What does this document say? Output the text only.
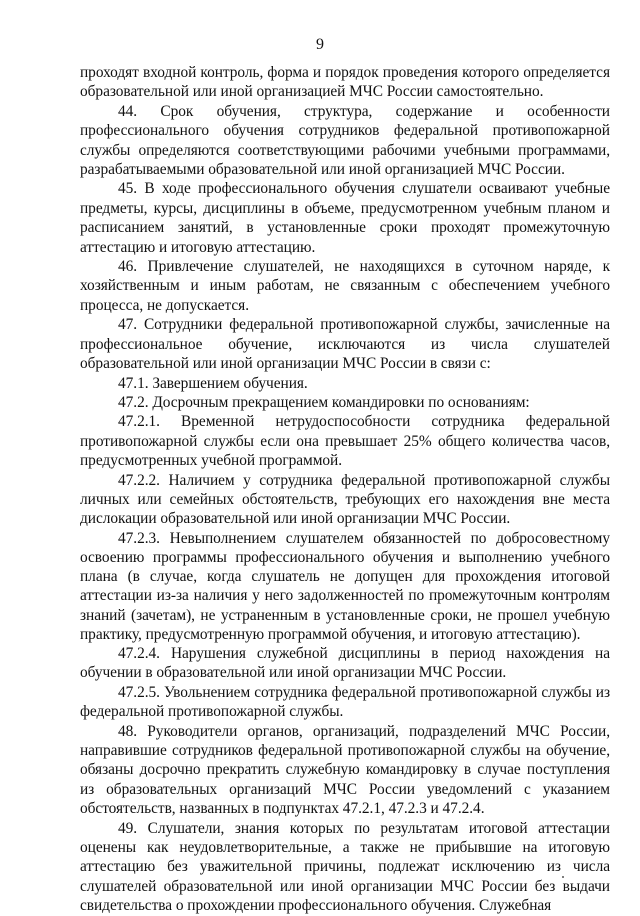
9

проходят входной контроль, форма и порядок проведения которого определяется образовательной или иной организацией МЧС России самостоятельно.

44. Срок обучения, структура, содержание и особенности профессионального обучения сотрудников федеральной противопожарной службы определяются соответствующими рабочими учебными программами, разрабатываемыми образовательной или иной организацией МЧС России.

45. В ходе профессионального обучения слушатели осваивают учебные предметы, курсы, дисциплины в объеме, предусмотренном учебным планом и расписанием занятий, в установленные сроки проходят промежуточную аттестацию и итоговую аттестацию.

46. Привлечение слушателей, не находящихся в суточном наряде, к хозяйственным и иным работам, не связанным с обеспечением учебного процесса, не допускается.

47. Сотрудники федеральной противопожарной службы, зачисленные на профессиональное обучение, исключаются из числа слушателей образовательной или иной организации МЧС России в связи с:

47.1. Завершением обучения.

47.2. Досрочным прекращением командировки по основаниям:

47.2.1. Временной нетрудоспособности сотрудника федеральной противопожарной службы если она превышает 25% общего количества часов, предусмотренных учебной программой.

47.2.2. Наличием у сотрудника федеральной противопожарной службы личных или семейных обстоятельств, требующих его нахождения вне места дислокации образовательной или иной организации МЧС России.

47.2.3. Невыполнением слушателем обязанностей по добросовестному освоению программы профессионального обучения и выполнению учебного плана (в случае, когда слушатель не допущен для прохождения итоговой аттестации из-за наличия у него задолженностей по промежуточным контролям знаний (зачетам), не устраненным в установленные сроки, не прошел учебную практику, предусмотренную программой обучения, и итоговую аттестацию).

47.2.4. Нарушения служебной дисциплины в период нахождения на обучении в образовательной или иной организации МЧС России.

47.2.5. Увольнением сотрудника федеральной противопожарной службы из федеральной противопожарной службы.

48. Руководители органов, организаций, подразделений МЧС России, направившие сотрудников федеральной противопожарной службы на обучение, обязаны досрочно прекратить служебную командировку в случае поступления из образовательных организаций МЧС России уведомлений с указанием обстоятельств, названных в подпунктах 47.2.1, 47.2.3 и 47.2.4.

49. Слушатели, знания которых по результатам итоговой аттестации оценены как неудовлетворительные, а также не прибывшие на итоговую аттестацию без уважительной причины, подлежат исключению из числа слушателей образовательной или иной организации МЧС России без выдачи свидетельства о прохождении профессионального обучения. Служебная
